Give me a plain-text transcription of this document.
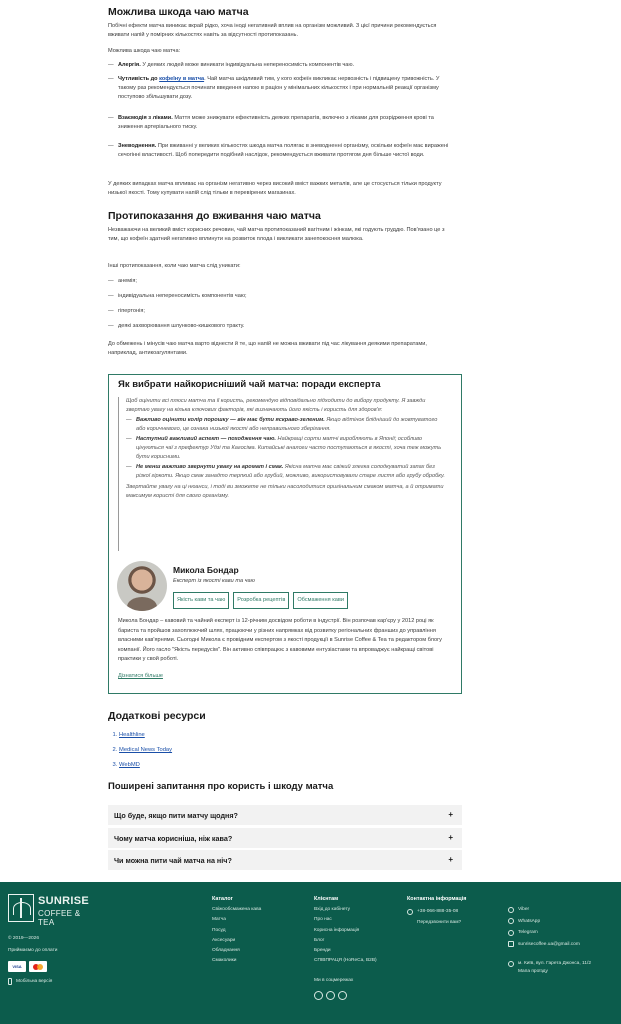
Можлива шкода чаю матча

Побічні ефекти матча виникає вкрай рідко, хоча іноді негативний вплив на організм можливий. З цієї причини рекомендується вживати напій у помірних кількостях навіть за відсутності протипоказань.

Можлива шкода чаю матча:

— Алергія. У деяких людей може виникати індивідуальна непереносимість компонентів чаю.
— Чутливість до кофеїну в матча. Чай матча шкідливий тим, у кого кофеїн викликає нервозність і підвищену тривожність. У такому раз рекомендується починати введення напою в раціон у мінімальних кількостях і при нормальній реакції організму поступово збільшувати дозу.
— Взаємодія з ліками. Маття може знижувати ефективність деяких препаратів, включно з ліками для розрідження крові та зниження артеріального тиску.
— Зневоднення. При вживанні у великих кількостях шкода матча полягає в зневодненні організму, оскільки кофеїн має виражені сечогінні властивості. Щоб попередити подібний наслідок, рекомендується вживати протягом дня більше чистої води.

У деяких випадках матча впливає на організм негативно через високий вміст важких металів, але це стосується тільки продукту низької якості. Тому купувати напій слід тільки в перевірених магазинах.

Протипоказання до вживання чаю матча

Незважаючи на великий вміст корисних речовин, чай матча протипоказаний вагітним і жінкам, які годують груддю. Пов'язано це з тим, що кофеїн здатний негативно вплинути на розвиток плода і викликати занепокоєння малюка.

Інші протипоказання, коли чаю матча слід уникати:

— анемія;
— індивідуальна непереносимість компонентів чаю;
— гіпертонія;
— деякі захворювання шлунково-кишкового тракту.

До обмежень і мінусів чаю матча варто віднести й те, що напій не можна вживати під час лікування деякими препаратами, наприклад, антикоагулянтами.

Як вибрати найкорисніший чай матча: поради експерта
Щоб оцінити всі плюси матча та її користь, рекомендую відповідально підходити до вибору продукту. Я завжди звертаю увагу на кілька ключових факторів, які визначають його якість і користь для здоров'я:
— Важливо оцінити колір порошку — він має бути яскраво-зеленим. Якщо відтінок блідніший до жовтуватого або коричневого, це ознака низької якості або неправильного зберігання.
— Наступний важливий аспект — походження чаю. Найкращі сорти матчі виробляють в Японії; особливо цінуються чаї з префектур Удзі та Кагосіма. Китайські аналоги часто поступаються в якості, хоча теж можуть бути корисними.
— Не менш важливо звернути увагу на аромат і смак. Якісна матча має свіжий злегка солодкуватий запах без різкої гіркоти. Якщо смак занадто терпкий або грубий, можливо, використовували старе листя або грубу обробку.
Звертайте увагу на ці нюанси, і тоді ви зможете не тільки насолодитися оригінальним смаком матча, а й отримати максимум користі для свого організму.
Микола Бондар
Експерт із якості кави та чаю
Якість кави та чаю	Розробка рецептів	Обсмаження кави
Микола Бондар – кавовий та чайний експерт із 12-річним досвідом роботи в індустрії. Він розпочав кар'єру у 2012 році як бариста та пройшов захоплюючий шлях, працюючи у різних напрямках від розвитку регіональних франшиз до управління власними кав'ярнями. Сьогодні Микола є провідним експертом з якості продукції в Sunrise Coffee & Tea та редактором блогу компанії. Його гасло "Якість передусім". Він активно співпрацює з кавовими ентузіастами та впроваджує найкращі світові практики у свой роботі.
Дізнатися більше
Додаткові ресурси
1. Healthline
2. Medical News Today
3. WebMD
Поширені запитання про користь і шкоду матча
Що буде, якщо пити матчу щодня?	+
Чому матча корисніша, ніж кава?	+
Чи можна пити чай матча на ніч?	+
SUNRISE
COFFEE & TEA
© 2019—2026
Приймаємо до оплати
VISA
Мобільна версія
Каталог
Свіжообсмажена кава
Матча
Посуд
Аксесуари
Обладнання
Смаколики
Клієнтам
Вхід до кабінету
Про нас
Корисна інформація
Блог
Бренди
СПІВПРАЦЯ (НоReCa, B2B)
Ми в соцмережах
Контактна інформація
+38-066-888-35-08
Передзвонити вам?
Viber
WhatsApp
Telegram
sunrisecoffee.ua@gmail.com
м. Київ, вул. Гарета Джонса, 11/2
Мапа проїзду
